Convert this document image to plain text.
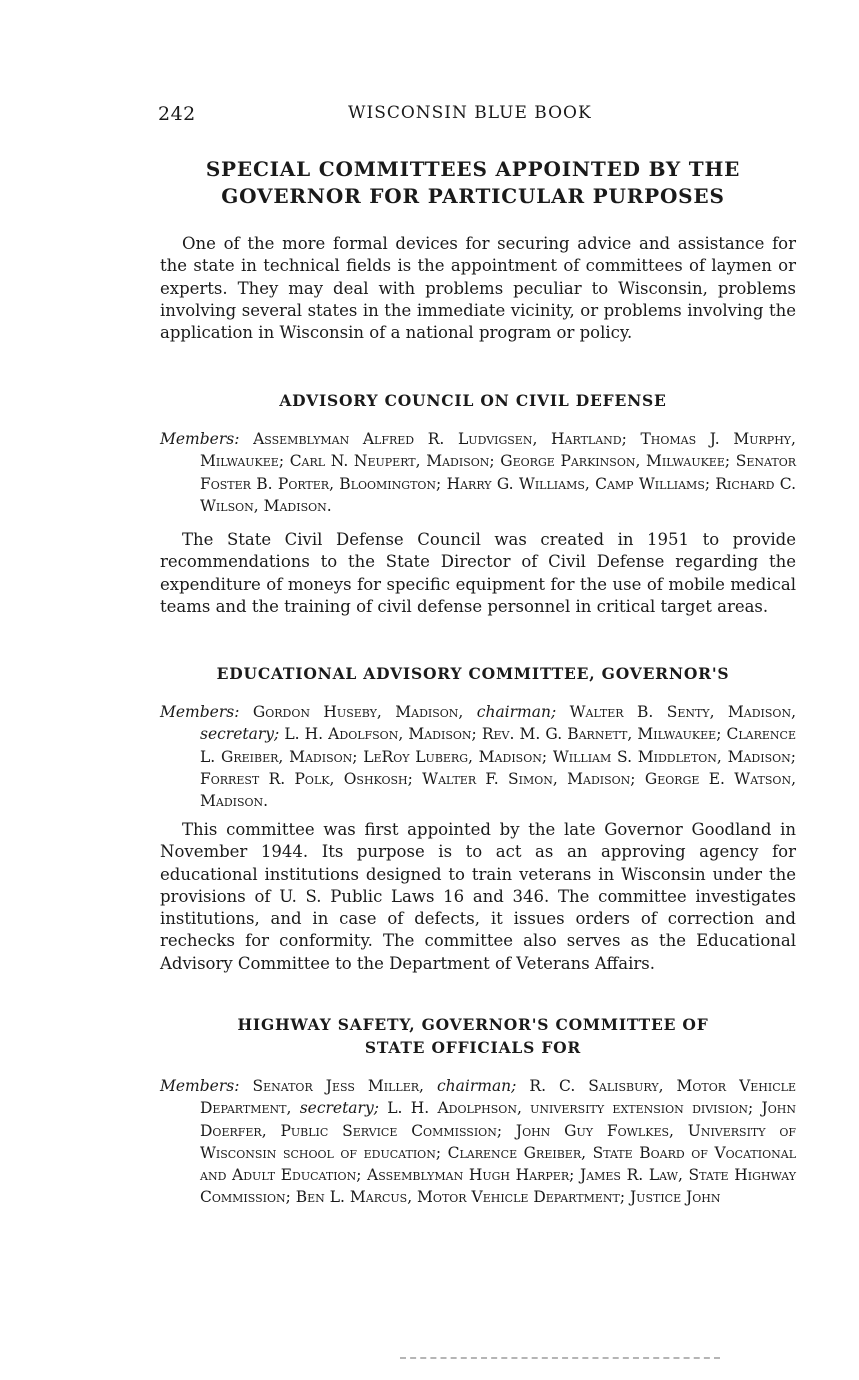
242	WISCONSIN BLUE BOOK
SPECIAL COMMITTEES APPOINTED BY THE
GOVERNOR FOR PARTICULAR PURPOSES

One of the more formal devices for securing advice and assistance for the state in technical fields is the appointment of committees of laymen or experts. They may deal with problems peculiar to Wisconsin, problems involving several states in the immediate vicinity, or problems involving the application in Wisconsin of a national program or policy.

ADVISORY COUNCIL ON CIVIL DEFENSE

Members: Assemblyman Alfred R. Ludvigsen, Hartland; Thomas J. Murphy, Milwaukee; Carl N. Neupert, Madison; George Parkinson, Milwaukee; Senator Foster B. Porter, Bloomington; Harry G. Williams, Camp Williams; Richard C. Wilson, Madison.

The State Civil Defense Council was created in 1951 to provide recommendations to the State Director of Civil Defense regarding the expenditure of moneys for specific equipment for the use of mobile medical teams and the training of civil defense personnel in critical target areas.

EDUCATIONAL ADVISORY COMMITTEE, GOVERNOR'S

Members: Gordon Huseby, Madison, chairman; Walter B. Senty, Madison, secretary; L. H. Adolfson, Madison; Rev. M. G. Barnett, Milwaukee; Clarence L. Greiber, Madison; LeRoy Luberg, Madison; William S. Middleton, Madison; Forrest R. Polk, Oshkosh; Walter F. Simon, Madison; George E. Watson, Madison.

This committee was first appointed by the late Governor Goodland in November 1944. Its purpose is to act as an approving agency for educational institutions designed to train veterans in Wisconsin under the provisions of U. S. Public Laws 16 and 346. The committee investigates institutions, and in case of defects, it issues orders of correction and rechecks for conformity. The committee also serves as the Educational Advisory Committee to the Department of Veterans Affairs.

HIGHWAY SAFETY, GOVERNOR'S COMMITTEE OF
STATE OFFICIALS FOR

Members: Senator Jess Miller, chairman; R. C. Salisbury, Motor Vehicle Department, secretary; L. H. Adolphson, university extension division; John Doerfer, Public Service Commission; John Guy Fowlkes, University of Wisconsin school of education; Clarence Greiber, State Board of Vocational and Adult Education; Assemblyman Hugh Harper; James R. Law, State Highway Commission; Ben L. Marcus, Motor Vehicle Department; Justice John
